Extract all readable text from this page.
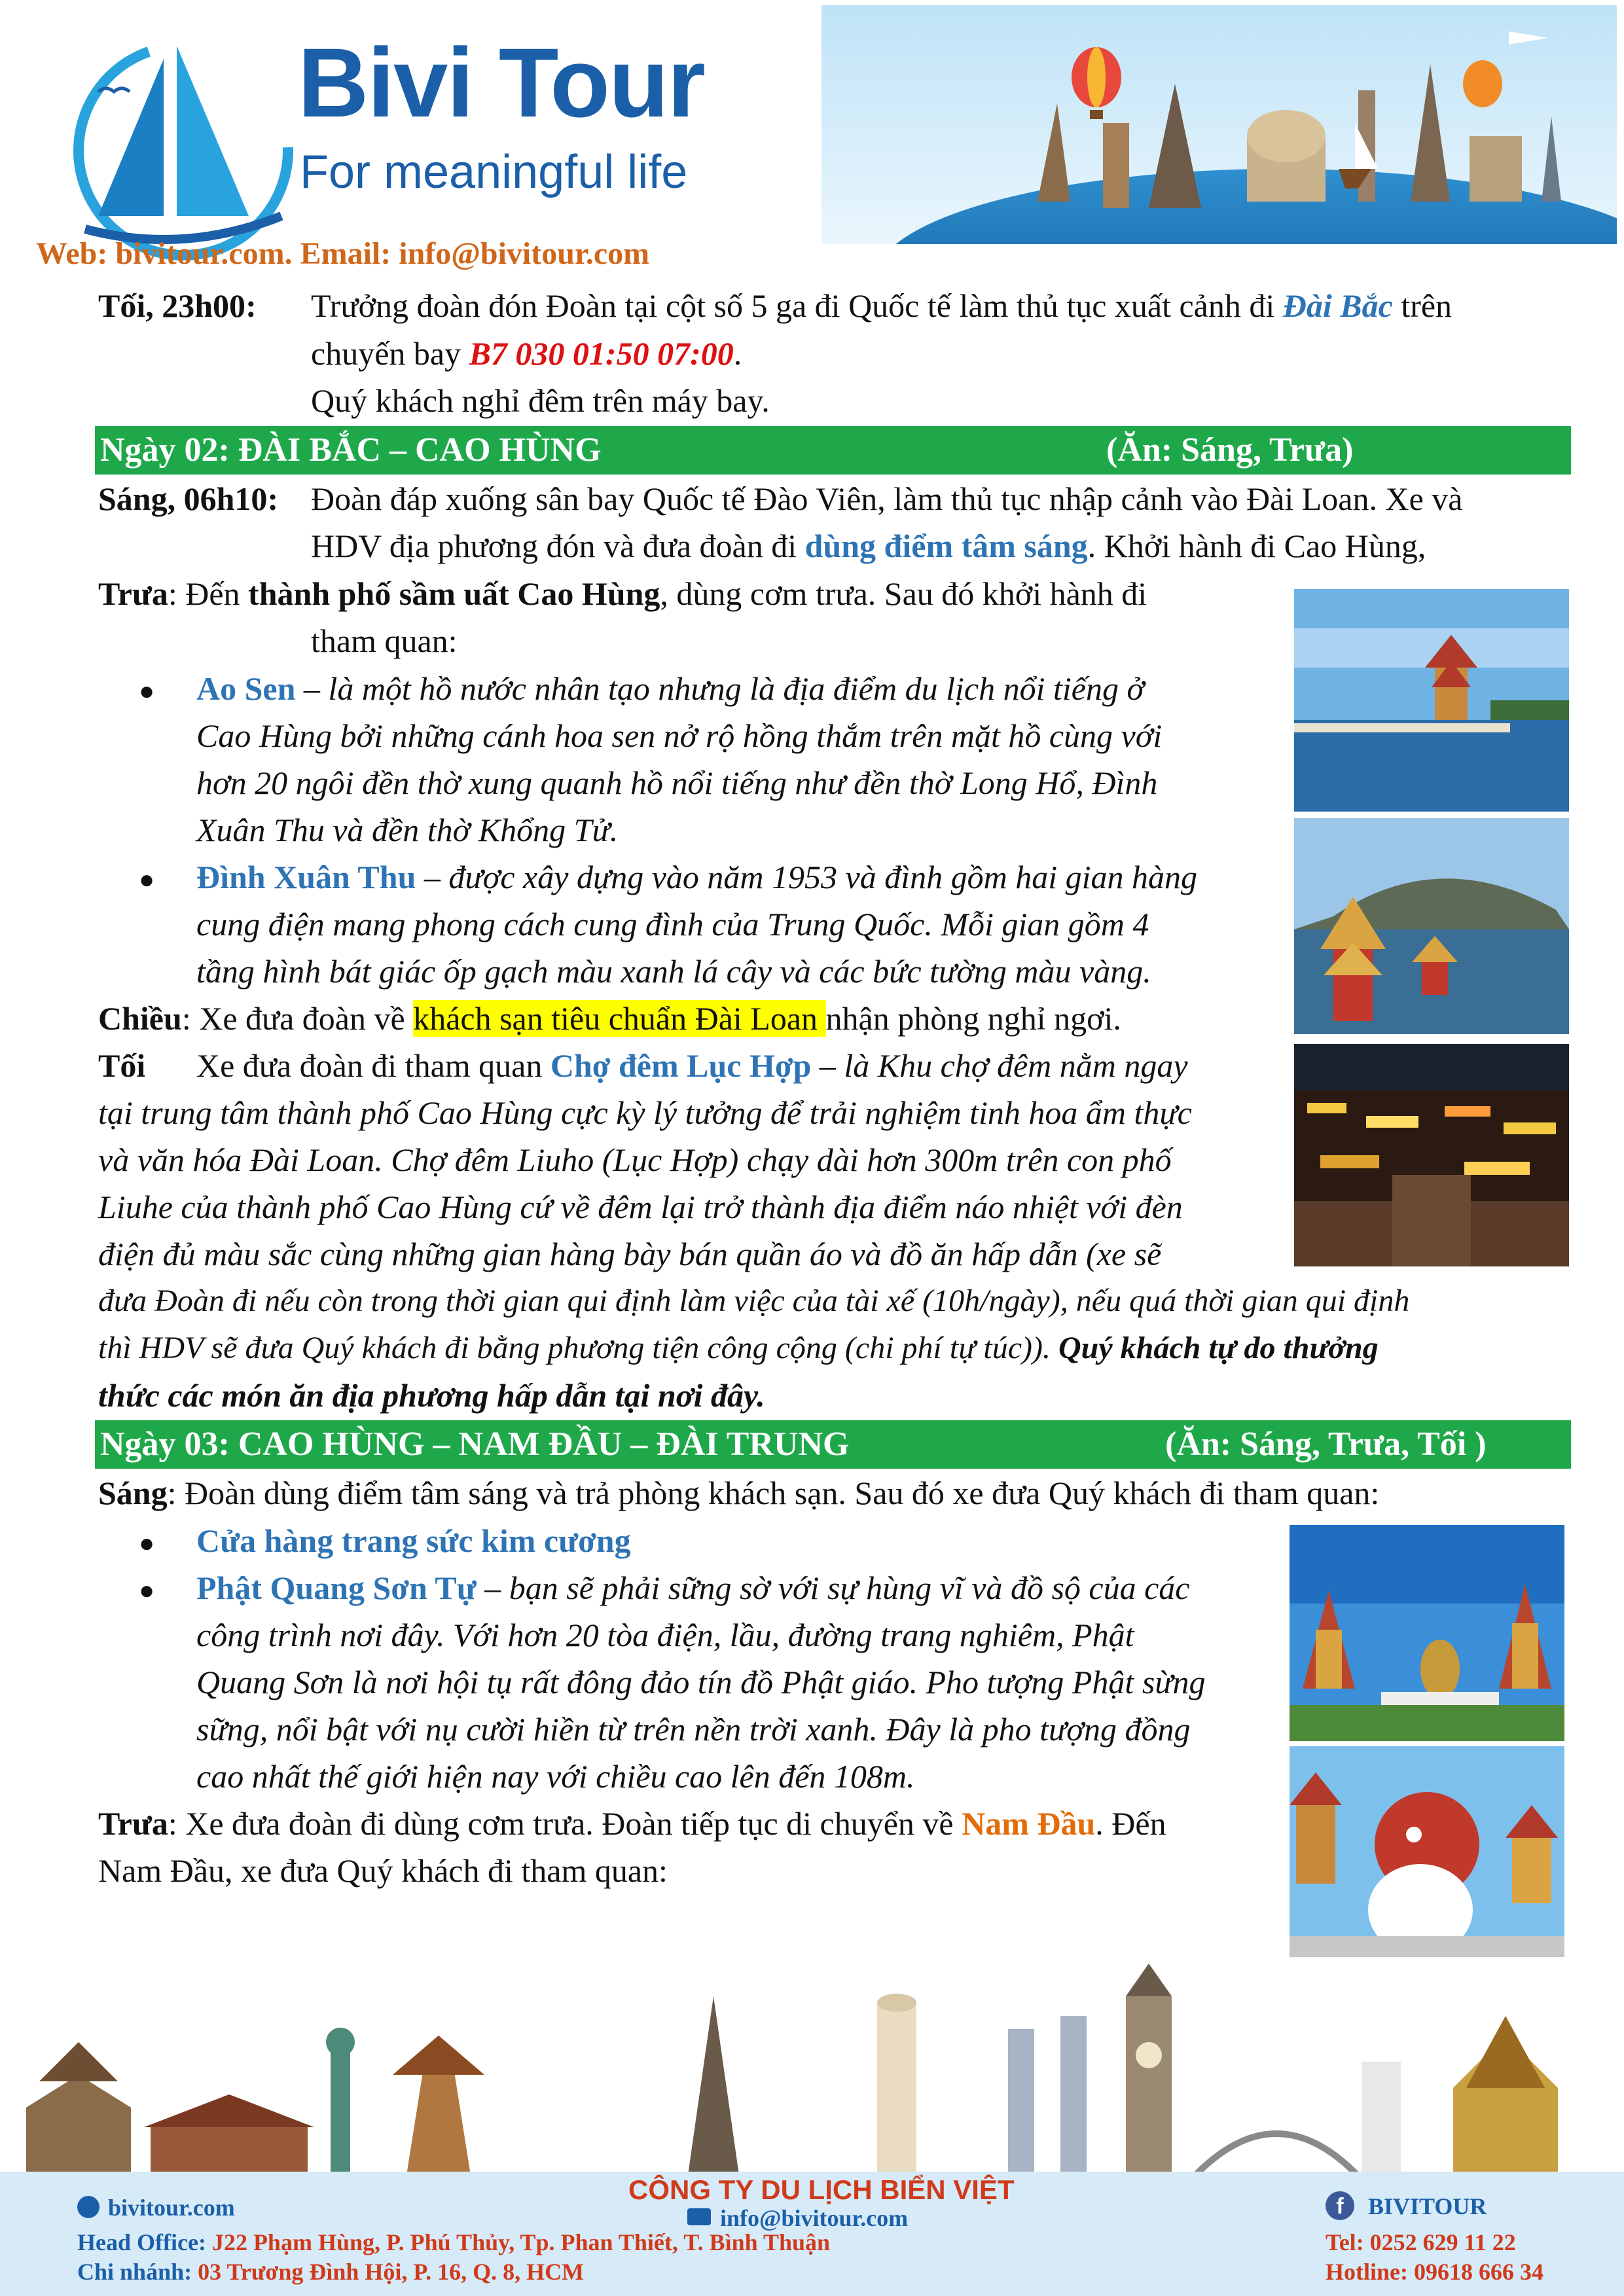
Bivi Tour
For meaningful life
Web: bivitour.com. Email: info@bivitour.com
Tối, 23h00: Trưởng đoàn đón Đoàn tại cột số 5 ga đi Quốc tế làm thủ tục xuất cảnh đi Đài Bắc trên
chuyến bay B7 030 01:50 07:00.
Quý khách nghỉ đêm trên máy bay.
Ngày 02: ĐÀI BẮC – CAO HÙNG	(Ăn: Sáng, Trưa)
Sáng, 06h10: Đoàn đáp xuống sân bay Quốc tế Đào Viên, làm thủ tục nhập cảnh vào Đài Loan. Xe và
HDV địa phương đón và đưa đoàn đi dùng điểm tâm sáng. Khởi hành đi Cao Hùng,
Trưa: Đến thành phố sầm uất Cao Hùng, dùng cơm trưa. Sau đó khởi hành đi
tham quan:
● Ao Sen – là một hồ nước nhân tạo nhưng là địa điểm du lịch nổi tiếng ở
Cao Hùng bởi những cánh hoa sen nở rộ hồng thắm trên mặt hồ cùng với
hơn 20 ngôi đền thờ xung quanh hồ nổi tiếng như đền thờ Long Hổ, Đình
Xuân Thu và đền thờ Khổng Tử.
● Đình Xuân Thu – được xây dựng vào năm 1953 và đình gồm hai gian hàng
cung điện mang phong cách cung đình của Trung Quốc. Mỗi gian gồm 4
tầng hình bát giác ốp gạch màu xanh lá cây và các bức tường màu vàng.
Chiều: Xe đưa đoàn về khách sạn tiêu chuẩn Đài Loan nhận phòng nghỉ ngơi.
Tối Xe đưa đoàn đi tham quan Chợ đêm Lục Hợp – là Khu chợ đêm nằm ngay
tại trung tâm thành phố Cao Hùng cực kỳ lý tưởng để trải nghiệm tinh hoa ẩm thực
và văn hóa Đài Loan. Chợ đêm Liuho (Lục Hợp) chạy dài hơn 300m trên con phố
Liuhe của thành phố Cao Hùng cứ về đêm lại trở thành địa điểm náo nhiệt với đèn
điện đủ màu sắc cùng những gian hàng bày bán quần áo và đồ ăn hấp dẫn (xe sẽ
đưa Đoàn đi nếu còn trong thời gian qui định làm việc của tài xế (10h/ngày), nếu quá thời gian qui định
thì HDV sẽ đưa Quý khách đi bằng phương tiện công cộng (chi phí tự túc)). Quý khách tự do thưởng
thức các món ăn địa phương hấp dẫn tại nơi đây.
Ngày 03: CAO HÙNG – NAM ĐẦU – ĐÀI TRUNG	(Ăn: Sáng, Trưa, Tối )
Sáng: Đoàn dùng điểm tâm sáng và trả phòng khách sạn. Sau đó xe đưa Quý khách đi tham quan:
● Cửa hàng trang sức kim cương
● Phật Quang Sơn Tự – bạn sẽ phải sững sờ với sự hùng vĩ và đồ sộ của các
công trình nơi đây. Với hơn 20 tòa điện, lầu, đường trang nghiêm, Phật
Quang Sơn là nơi hội tụ rất đông đảo tín đồ Phật giáo. Pho tượng Phật sừng
sững, nổi bật với nụ cười hiền từ trên nền trời xanh. Đây là pho tượng đồng
cao nhất thế giới hiện nay với chiều cao lên đến 108m.
Trưa: Xe đưa đoàn đi dùng cơm trưa. Đoàn tiếp tục di chuyển về Nam Đầu. Đến
Nam Đầu, xe đưa Quý khách đi tham quan:
bivitour.com
CÔNG TY DU LỊCH BIỂN VIỆT
info@bivitour.com	f	BIVITOUR
Head Office: J22 Phạm Hùng, P. Phú Thủy, Tp. Phan Thiết, T. Bình Thuận
Chi nhánh: 03 Trương Đình Hội, P. 16, Q. 8, HCM
Tel: 0252 629 11 22
Hotline: 09618 666 34
